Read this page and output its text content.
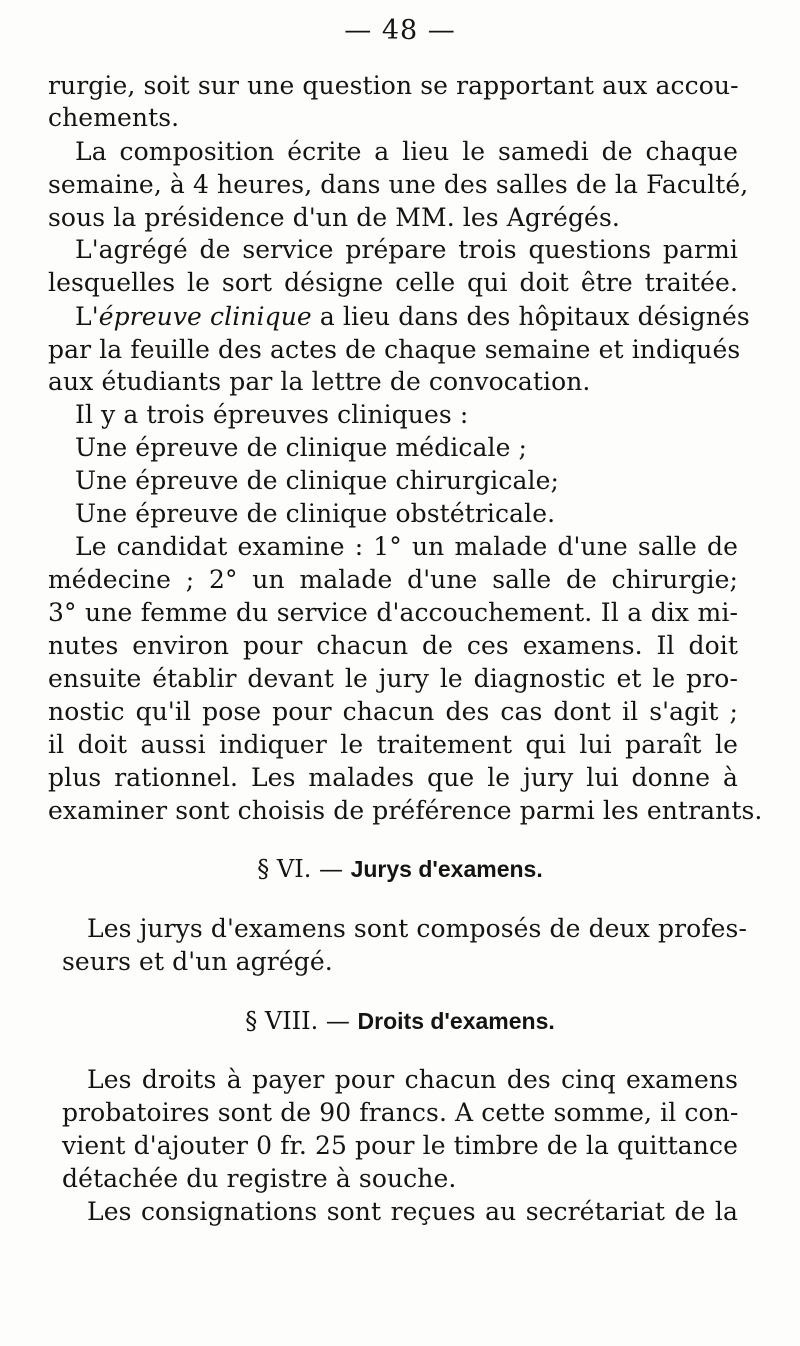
— 48 —
rurgie, soit sur une question se rapportant aux accou-
chements.
La composition écrite a lieu le samedi de chaque
semaine, à 4 heures, dans une des salles de la Faculté,
sous la présidence d'un de MM. les Agrégés.
L'agrégé de service prépare trois questions parmi
lesquelles le sort désigne celle qui doit être traitée.
L'épreuve clinique a lieu dans des hôpitaux désignés
par la feuille des actes de chaque semaine et indiqués
aux étudiants par la lettre de convocation.
Il y a trois épreuves cliniques :
Une épreuve de clinique médicale ;
Une épreuve de clinique chirurgicale;
Une épreuve de clinique obstétricale.
Le candidat examine : 1° un malade d'une salle de
médecine ; 2° un malade d'une salle de chirurgie;
3° une femme du service d'accouchement. Il a dix mi-
nutes environ pour chacun de ces examens. Il doit
ensuite établir devant le jury le diagnostic et le pro-
nostic qu'il pose pour chacun des cas dont il s'agit ;
il doit aussi indiquer le traitement qui lui paraît le
plus rationnel. Les malades que le jury lui donne à
examiner sont choisis de préférence parmi les entrants.
§ VI. — Jurys d'examens.
Les jurys d'examens sont composés de deux profes-
seurs et d'un agrégé.
§ VIII. — Droits d'examens.
Les droits à payer pour chacun des cinq examens
probatoires sont de 90 francs. A cette somme, il con-
vient d'ajouter 0 fr. 25 pour le timbre de la quittance
détachée du registre à souche.
Les consignations sont reçues au secrétariat de la
